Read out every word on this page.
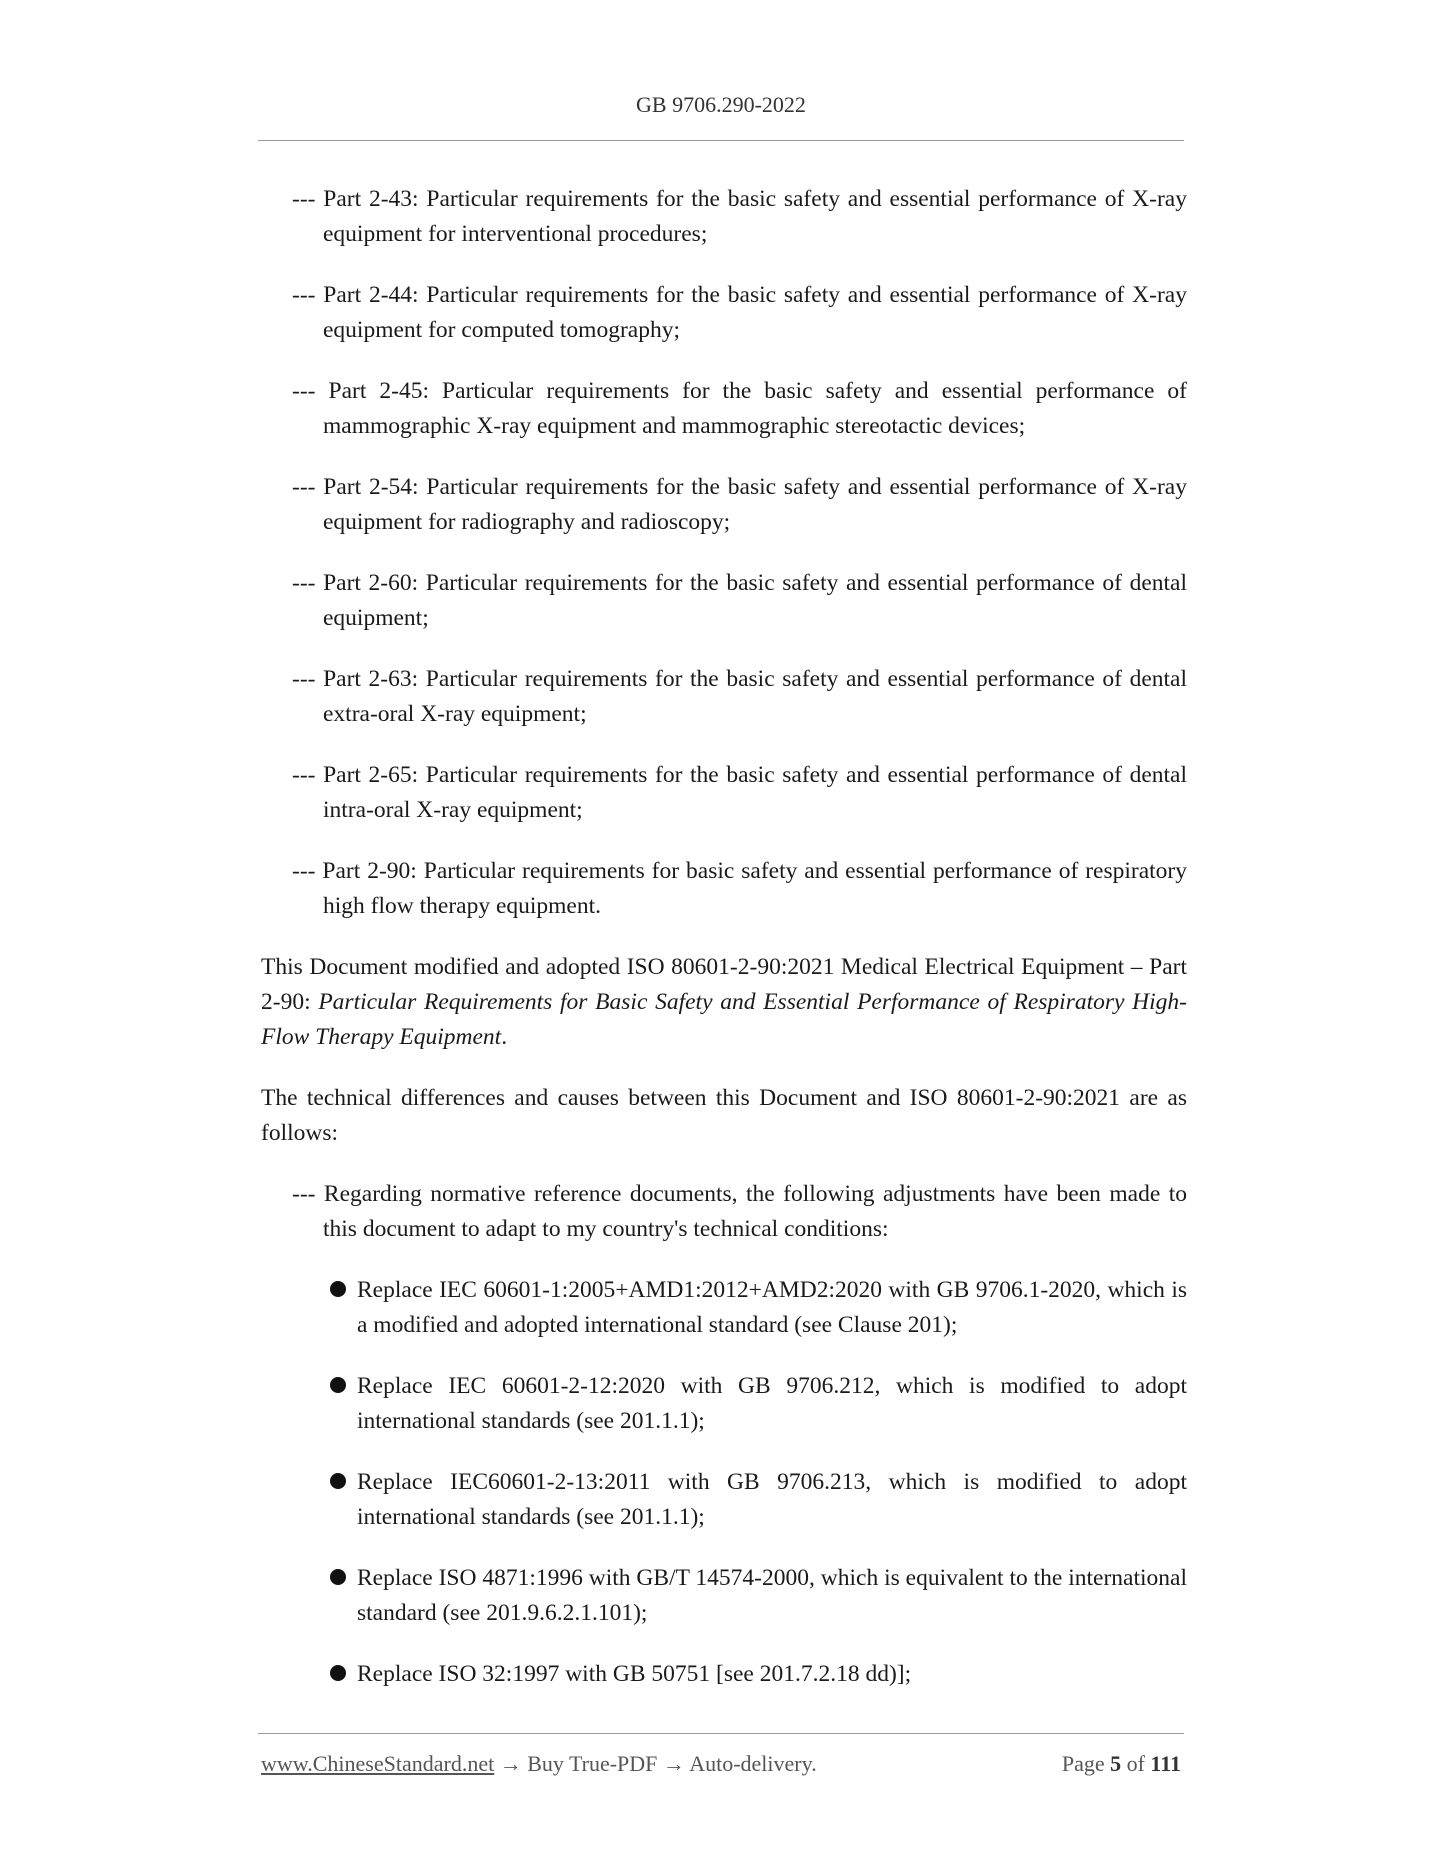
GB 9706.290-2022

--- Part 2-43: Particular requirements for the basic safety and essential performance of X-ray equipment for interventional procedures;

--- Part 2-44: Particular requirements for the basic safety and essential performance of X-ray equipment for computed tomography;

--- Part 2-45: Particular requirements for the basic safety and essential performance of mammographic X-ray equipment and mammographic stereotactic devices;

--- Part 2-54: Particular requirements for the basic safety and essential performance of X-ray equipment for radiography and radioscopy;

--- Part 2-60: Particular requirements for the basic safety and essential performance of dental equipment;

--- Part 2-63: Particular requirements for the basic safety and essential performance of dental extra-oral X-ray equipment;

--- Part 2-65: Particular requirements for the basic safety and essential performance of dental intra-oral X-ray equipment;

--- Part 2-90: Particular requirements for basic safety and essential performance of respiratory high flow therapy equipment.

This Document modified and adopted ISO 80601-2-90:2021 Medical Electrical Equipment – Part 2-90: Particular Requirements for Basic Safety and Essential Performance of Respiratory High-Flow Therapy Equipment.

The technical differences and causes between this Document and ISO 80601-2-90:2021 are as follows:

--- Regarding normative reference documents, the following adjustments have been made to this document to adapt to my country's technical conditions:

Replace IEC 60601-1:2005+AMD1:2012+AMD2:2020 with GB 9706.1-2020, which is a modified and adopted international standard (see Clause 201);

Replace IEC 60601-2-12:2020 with GB 9706.212, which is modified to adopt international standards (see 201.1.1);

Replace IEC60601-2-13:2011 with GB 9706.213, which is modified to adopt international standards (see 201.1.1);

Replace ISO 4871:1996 with GB/T 14574-2000, which is equivalent to the international standard (see 201.9.6.2.1.101);

Replace ISO 32:1997 with GB 50751 [see 201.7.2.18 dd)];

www.ChineseStandard.net → Buy True-PDF → Auto-delivery.	Page 5 of 111
